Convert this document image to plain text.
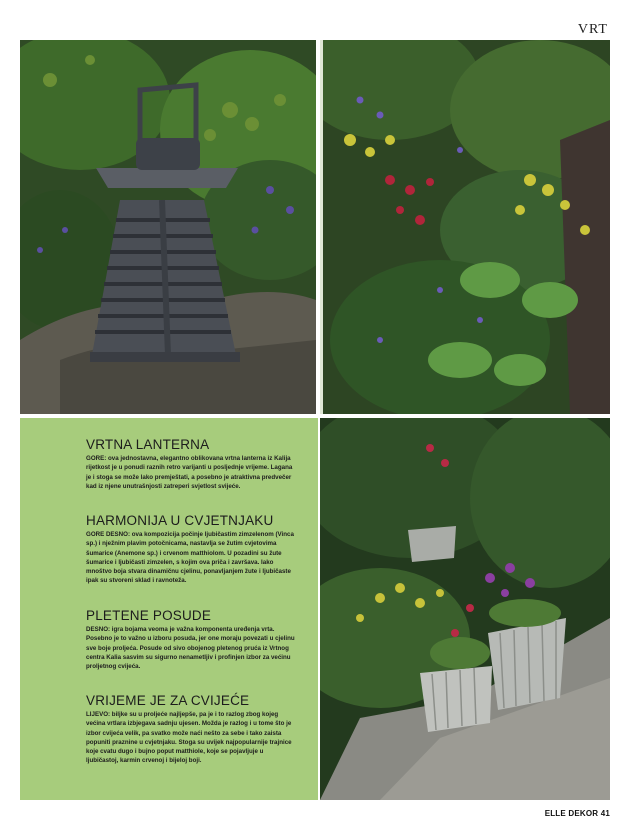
VRT
VRTNA LANTERNA

GORE: ova jednostavna, elegantno oblikovana vrtna lanterna iz Kalija rijetkost je u ponudi raznih retro varijanti u posljednje vrijeme. Lagana je i stoga se može lako premještati, a posebno je atraktivna predvečer kad iz njene unutrašnjosti zatreperi svjetlost svijeće.

HARMONIJA U CVJETNJAKU

GORE DESNO: ova kompozicija počinje ljubičastim zimzelenom (Vinca sp.) i nježnim plavim potočnicama, nastavlja se žutim cvjetovima šumarice (Anemone sp.) i crvenom matthiolom. U pozadini su žute šumarice i ljubičasti zimzelen, s kojim ova priča i završava. Iako mnoštvo boja stvara dinamičnu cjelinu, ponavljanjem žute i ljubičaste ipak su stvoreni sklad i ravnoteža.

PLETENE POSUDE

DESNO: igra bojama veoma je važna komponenta uređenja vrta. Posebno je to važno u izboru posuda, jer one moraju povezati u cjelinu sve boje proljeća. Posude od sivo obojenog pletenog pruća iz Vrtnog centra Kalia sasvim su sigurno nenametljiv i profinjen izbor za većinu proljetnog cvijeća.

VRIJEME JE ZA CVIJEĆE

LIJEVO: biljke su u proljeće najljepše, pa je i to razlog zbog kojeg većina vrtlara izbjegava sadnju ujesen. Možda je razlog i u tome što je izbor cvijeća velik, pa svatko može naći nešto za sebe i tako zaista popuniti praznine u cvjetnjaku. Stoga su uvijek najpopularnije trajnice koje cvatu dugo i bujno poput matthiole, koje se pojavljuje u ljubičastoj, karmin crvenoj i bijeloj boji.

ELLE DEKOR 41
